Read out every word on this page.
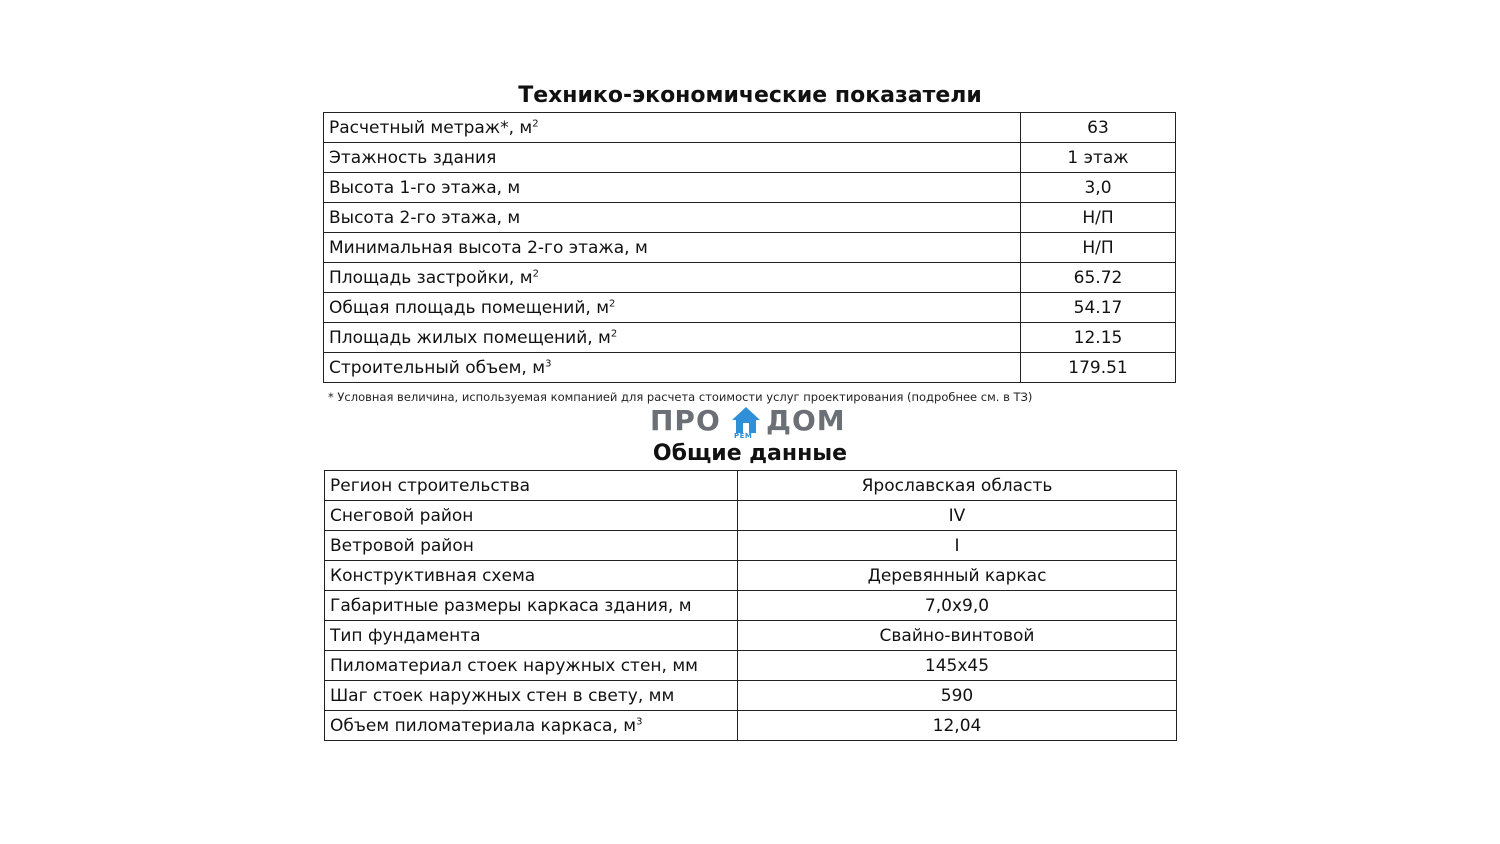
Технико-экономические показатели
Расчетный метраж*, $м^2$	63
Этажность здания	1 этаж
Высота 1-го этажа, м	3,0
Высота 2-го этажа, м	Н/П
Минимальная высота 2-го этажа, м	Н/П
Площадь застройки, $м^2$	65.72
Общая площадь помещений, $м^2$	54.17
Площадь жилых помещений, $м^2$	12.15
Строительный объем, $м^3$	179.51
* Условная величина, используемая компанией для расчета стоимости услуг проектирования (подробнее см. в ТЗ)
ПРО РЕМ ДОМ
Общие данные
Регион строительства	Ярославская область
Снеговой район	IV
Ветровой район	I
Конструктивная схема	Деревянный каркас
Габаритные размеры каркаса здания, м	7,0х9,0
Тип фундамента	Свайно-винтовой
Пиломатериал стоек наружных стен, мм	145х45
Шаг стоек наружных стен в свету, мм	590
Объем пиломатериала каркаса, $м^3$	12,04
